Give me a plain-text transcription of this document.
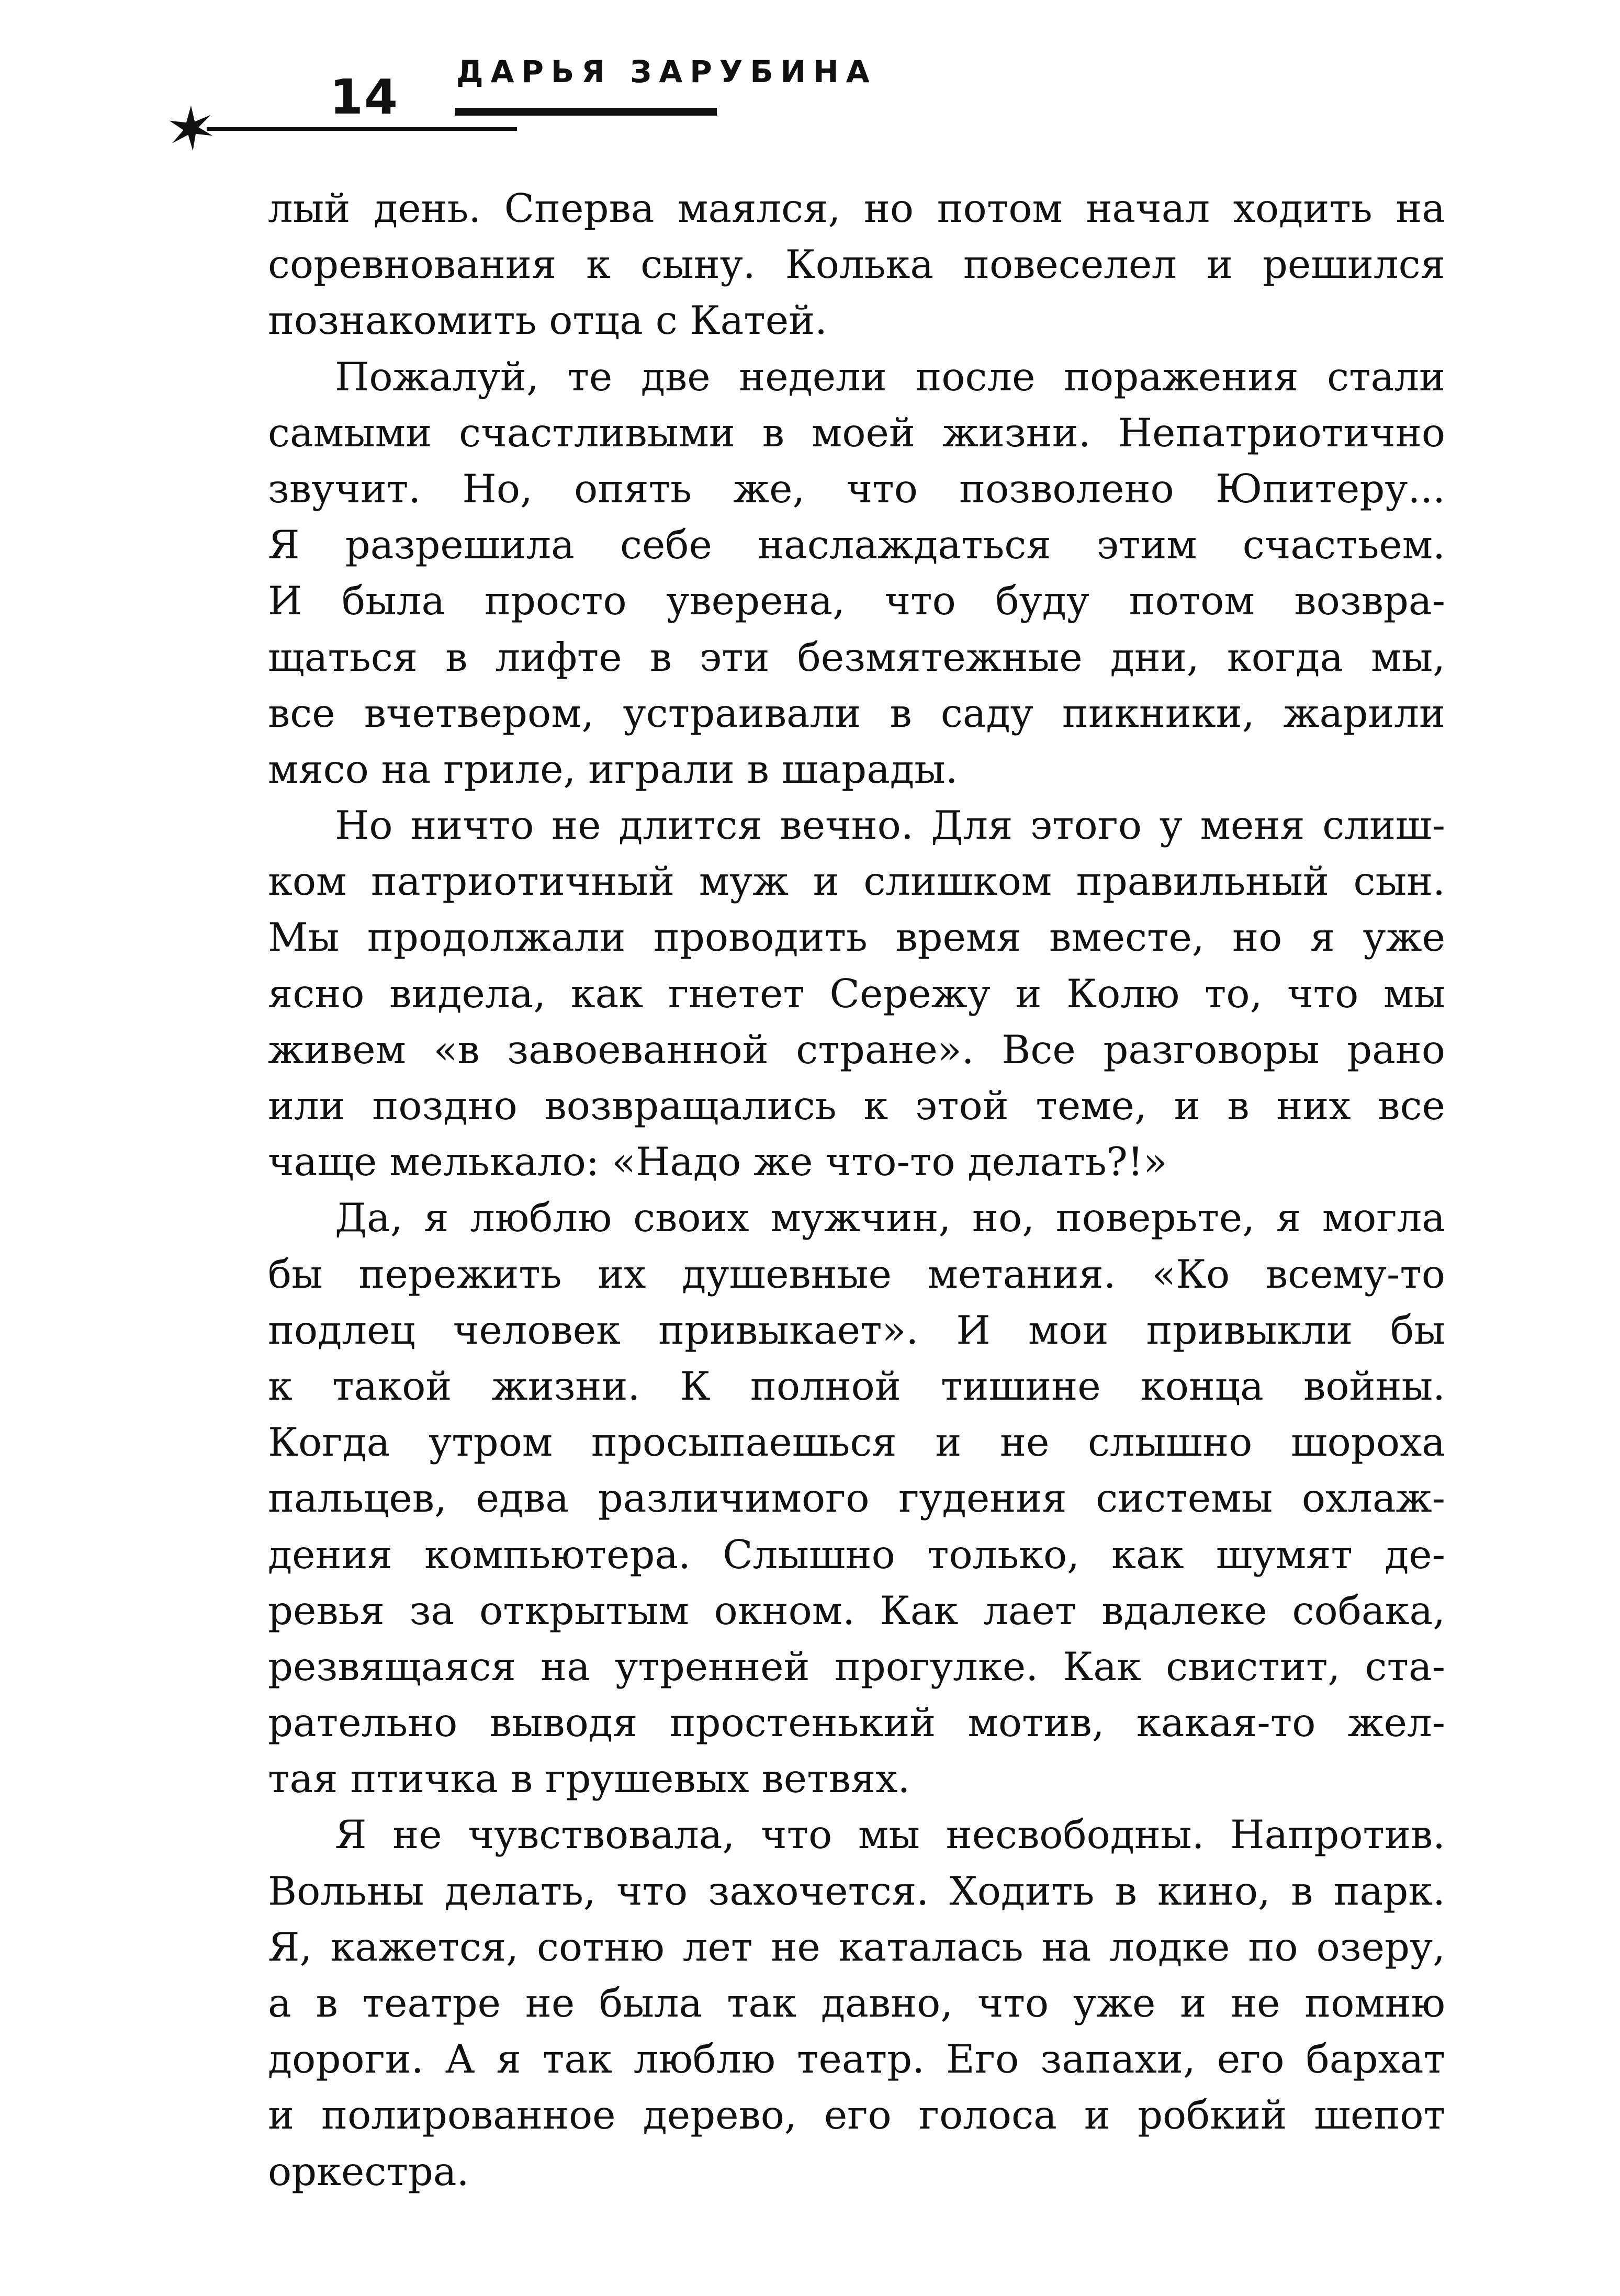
14 ДАРЬЯ ЗАРУБИНА

лый день. Сперва маялся, но потом начал ходить на
соревнования к сыну. Колька повеселел и решился
познакомить отца с Катей.

Пожалуй, те две недели после поражения стали
самыми счастливыми в моей жизни. Непатриотично
звучит. Но, опять же, что позволено Юпитеру...
Я разрешила себе наслаждаться этим счастьем.
И была просто уверена, что буду потом возвра-
щаться в лифте в эти безмятежные дни, когда мы,
все вчетвером, устраивали в саду пикники, жарили
мясо на гриле, играли в шарады.

Но ничто не длится вечно. Для этого у меня слиш-
ком патриотичный муж и слишком правильный сын.
Мы продолжали проводить время вместе, но я уже
ясно видела, как гнетет Сережу и Колю то, что мы
живем «в завоеванной стране». Все разговоры рано
или поздно возвращались к этой теме, и в них все
чаще мелькало: «Надо же что-то делать?!»

Да, я люблю своих мужчин, но, поверьте, я могла
бы пережить их душевные метания. «Ко всему-то
подлец человек привыкает». И мои привыкли бы
к такой жизни. К полной тишине конца войны.
Когда утром просыпаешься и не слышно шороха
пальцев, едва различимого гудения системы охлаж-
дения компьютера. Слышно только, как шумят де-
ревья за открытым окном. Как лает вдалеке собака,
резвящаяся на утренней прогулке. Как свистит, ста-
рательно выводя простенький мотив, какая-то жел-
тая птичка в грушевых ветвях.

Я не чувствовала, что мы несвободны. Напротив.
Вольны делать, что захочется. Ходить в кино, в парк.
Я, кажется, сотню лет не каталась на лодке по озеру,
а в театре не была так давно, что уже и не помню
дороги. А я так люблю театр. Его запахи, его бархат
и полированное дерево, его голоса и робкий шепот
оркестра.
